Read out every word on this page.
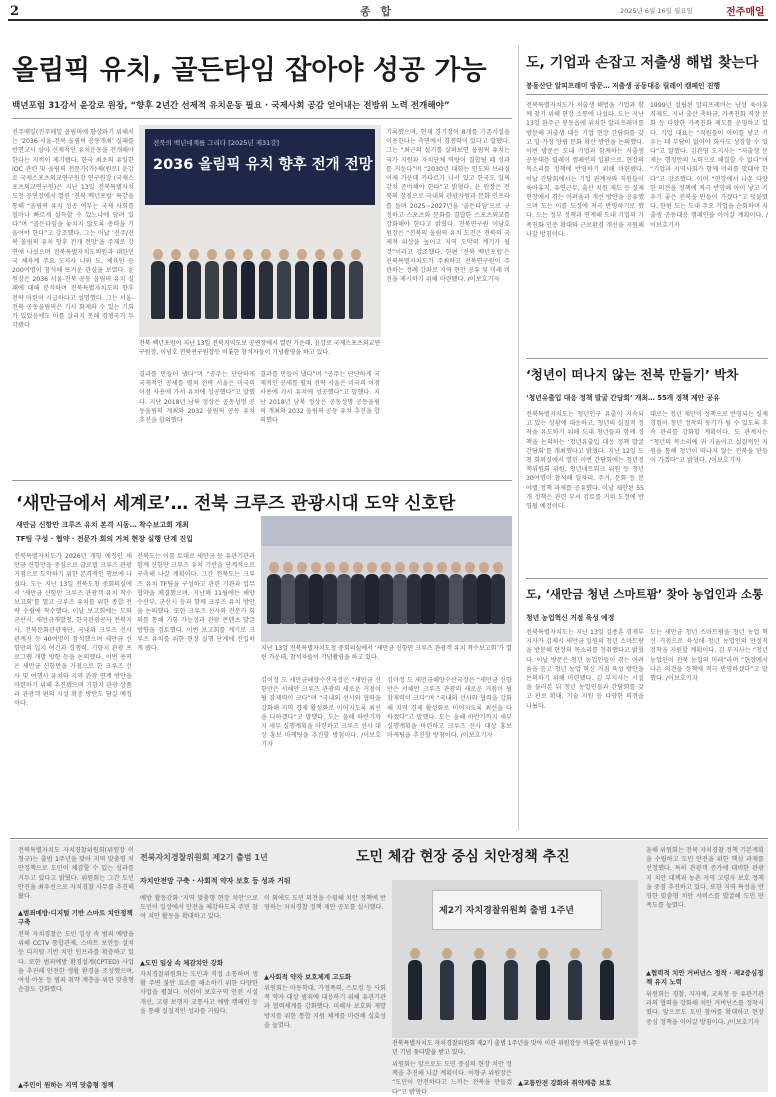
2	종 합	2025년 6월 16일 월요일	전주매일
올림픽 유치, 골든타임 잡아야 성공 가능
백년포럼 31강서 윤강로 원장, “향후 2년간 선제적 유치운동 필요 · 국제사회 공감 얻어내는 전방위 노력 전개해야”
전주매일(진주매일 올림픽에 향상하기 위해서는 ‘2036 서울-전북 올림픽 공동개최’ 실패를 반면교사 삼아 선제적인 유치운동을 전개해야 한다는 지적이 제기됐다. 한국 최초의 유일한 IOC 관련 및 올림픽 전문가(가)제(원로) 윤강로 국제스포츠외교연구원장 연구원장 (국제스포츠외교연구원)은 지난 13일 전북특별자치도청 공연장에서 열린 ‘전북 백년포럼’ 특강을 통해 “올림픽 유치 성공 여부는 국제 사회를 얼마나 빠르게 설득할 수 있느냐에 달려 있다”며 “골든타임을 놓치지 않도록 총력을 기울여야 한다”고 강조했다. 그는 이날 ‘전주/전북 올림픽 유치 향후 전개 전망’을 주제로 강연에 나섰으며 전북특별자치도의원과 대한민국 체육계 주요 도지사 나와 도, 체육인 등 200여명이 참석해 뜨거운 관심을 보였다. 윤 원장은 2036 서울-전북 공동 올림픽 유치 실패에 대해 분석하며 전북특별자치도의 향후 전략 마련이 시급하다고 설명했다. 그는 서울-전북 공동올림픽은 기사 화제와 수 있는 기회가 있었음에도 이를 살리지 못해 경쟁국가 두각됐다
전북의 백년대계를 그리다 [2025년 제31강]
2036 올림픽 유치 향후 전개 전망
전북 백년포럼이 지난 13일 전북지역도보 공연장에서 열린 가운데, 윤강로 국제스포츠외교연구원장, 이념호 전북연구원장등 비롯한 참석자들이 기념촬영을 하고 있다.
결과를 만들어 냈다”며 “공주는 단단하게 국제적인 공세를 펼쳐 전략 서울은 미국의 이점 사용에 가서 유치에 성공했다”고 말했다. 지난 2018년 남북 정상은 공동성명 공동올림픽 개최와 2032 올림픽 공동 유치 추진을 합의했다
결과를 만들어 냈다”며 “공주는 단단하게 국제적인 공세를 펼쳐 전략 서울은 미국의 이점 사용에 가서 유치에 성공했다”고 말했다. 지난 2018년 남북 정상은 공동성명 공동올림픽 개최와 2032 올림픽 공동 유치 추진을 합의했다
기록했으며, 현재 경기장이 8개를 기존시설을 이용한다는 측면에서 경쟁력이 있다고 말했다. 그는 “최근의 설기를 살펴보면 올림픽 유치는 국가 지원과 자치단체 역량이 결합될 때 성과를 거둔다”며 “2030년 대회는 인도와 브라질 이제 가운데 카타르가 나서 있고 한국도 일찌감치 준비해야 한다”고 밝혔다. 윤 원장은 전북의 장점으로 국내외 관광자원과 문화 인프라를 들며 2025~2027년을 ‘골든타임’으로 규정하고 스포츠와 문화를 결합한 스포츠외교를 강화해야 한다고 밝혔다. 전북연구원 이남호 원장은 “전북의 올림픽 유치 도전은 전북의 국제적 위상을 높이고 지역 도약의 계기가 될 것”이라고 강조했다. 한편 ‘전북 백년포럼’은 전북특별자치도가 주최하고 전북연구원이 주관하는 정례 강좌로 지역 현안 공유 및 미래 비전을 제시하기 위해 마련됐다. /이보호기자
도, 기업과 손잡고 저출생 해법 찾는다
봉동산단 알피프레미 방문… 저출생 공동대응 릴레이 캠페인 진행
전북특별자치도가 저출생 해법을 기업과 함께 찾기 위해 현장 소통에 나섰다. 도는 지난 13일 완주군 봉동읍에 위치한 알피프레미를 방문해 저출생 대응 기업 현장 간담회를 갖고 일·가정 양립 문화 확산 방안을 논의했다. 이번 방문은 도내 기업과 함께하는 저출생 공동대응 릴레이 캠페인의 일환으로, 현장의 목소리를 정책에 반영하기 위해 마련됐다. 이날 간담회에서는 기업 관계자와 직원들이 육아휴직, 유연근무, 출산 지원 제도 등 실제 현장에서 겪는 어려움과 개선 방안을 공유했으며 도는 이를 도정에 적극 반영하기로 했다. 도는 정부 정책과 연계해 도내 기업의 가족친화 인증 확대와 근로환경 개선을 지원해 나갈 방침이다.
1999년 설립된 알피프레미는 남성 육아휴직제도, 자녀 출산 축하금, 가족친화 직장 문화 등 다양한 가족친화 제도를 운영하고 있다. 기업 대표는 “직원들이 아이를 낳고 키우는 데 부담이 없어야 회사도 성장할 수 있다”고 말했다. 김관영 도지사는 “저출생 문제는 행정만의 노력으로 해결할 수 없다”며 “기업과 지역사회가 함께 머리를 맞대야 한다”고 강조했다. 이어 “현장에서 나온 다양한 의견을 정책에 적극 반영해 아이 낳고 키우기 좋은 전북을 만들어 가겠다”고 덧붙였다. 한편 도는 도내 주요 기업을 순회하며 저출생 공동대응 캠페인을 이어갈 계획이다. /이보호기자
‘청년이 떠나지 않는 전북 만들기’ 박차
‘청년유출입 대응 정책 발굴 간담회’ 개최… 55개 정책 제안 공유
전북특별자치도는 청년인구 유출이 지속되고 있는 상황에 대응하고, 청년의 실질적 정착을 유도하기 위해 도내 청년들과 함께 정책을 논의하는 ‘청년유출입 대응 정책 발굴 간담회’를 개최했다고 밝혔다. 지난 12일 도청 회의실에서 열린 이번 간담회에는 청년정책위원회 위원, 청년네트워크 위원 등 청년 30여명이 참석해 일자리, 주거, 문화 등 분야별 정책 과제를 공유했다. 이날 제안된 55개 정책은 관련 부서 검토를 거쳐 도정에 반영될 예정이다.
대로는 청년 제안이 정책으로 반영되는 실제 경험이 청년 정착의 동기가 될 수 있도록 후속 관리를 강화할 계획이다. 도 관계자는 “청년의 목소리에 귀 기울이고 실질적인 지원을 통해 청년이 떠나지 않는 전북을 만들어 가겠다”고 밝혔다. /이보호기자
‘새만금에서 세계로’… 전북 크루즈 관광시대 도약 신호탄
새만금 신항만 크루즈 유치 본격 시동… 착수보고회 개최
TF팀 구성 · 협약 · 전문가 회의 거쳐 현장 실행 단계 진입
전북특별자치도가 2026년 개항 예정인 새만금 신항만을 중심으로 글로벌 크루즈 관광 거점으로 도약하기 위한 본격적인 행보에 나섰다. 도는 지난 13일 전북도청 중회의실에서 ‘새만금 신항만 크루즈 관광객 유치 착수보고회’를 열고 크루즈 유치를 위한 종합 전략 수립에 착수했다. 이날 보고회에는 도와 군산시, 새만금개발청, 한국관광공사 전북지사, 전북문화관광재단, 국내외 크루즈 선사 관계자 등 40여명이 참석했으며 새만금 신항만의 입지 여건과 경쟁력, 기항지 관광 프로그램 개발 방향 등을 논의했다. 이번 용역은 새만금 신항만을 거점으로 한 크루즈 선사 및 여행사 유치와 지역 관광 연계 방안을 마련하기 위해 추진됐으며 기항지 관광 상품과 관광객 편의 시설 확충 방안도 담길 예정이다.
전북도는 이를 토대로 새만금 등 유관기관과 함께 신항만 크루즈 유치 기반을 단계적으로 구축해 나갈 계획이다. 그간 전북도는 크루즈 유치 TF팀을 구성하고 관련 기관과 업무협약을 체결했으며, 지난해 11월에는 해양수산부, 군산시 등과 함께 크루즈 유치 방안을 논의했다. 또한 크루즈 선사와 전문가 회의를 통해 기항 가능성과 관광 콘텐츠 발굴 방향을 검토했다. 이번 보고회를 계기로 크루즈 유치를 위한 현장 실행 단계에 진입하게 됐다.	지난 13일 전북특별자치도청 중회의실에서 ‘새만금 신항만 크루즈 관광객 유치 착수보고회’가 열린 가운데, 참석자들이 기념촬영을 하고 있다.
김이정 도 새만금해양수산국장은 “새만금 신항만은 서해안 크루즈 관광의 새로운 거점이 될 잠재력이 크다”며 “국내외 선사와 협력을 강화해 지역 경제 활성화로 이어지도록 최선을 다하겠다”고 말했다. 도는 올해 하반기까지 세부 실행계획을 마련하고 크루즈 선사 대상 홍보 마케팅을 추진할 방침이다. /이보호기자
김이정 도 새만금해양수산국장은 “새만금 신항만은 서해안 크루즈 관광의 새로운 거점이 될 잠재력이 크다”며 “국내외 선사와 협력을 강화해 지역 경제 활성화로 이어지도록 최선을 다하겠다”고 말했다. 도는 올해 하반기까지 세부 실행계획을 마련하고 크루즈 선사 대상 홍보 마케팅을 추진할 방침이다. /이보호기자
도, ‘새만금 청년 스마트팜’ 찾아 농업인과 소통
청년 농업혁신 거점 육성 예정
전북특별자치도는 지난 13일 김종훈 경제부지사가 김제시 새만금 일원의 청년 스마트팜을 방문해 현장의 목소리를 청취했다고 밝혔다. 이날 방문은 청년 농업인들이 겪는 어려움을 듣고 청년 농업 혁신 거점 육성 방안을 논의하기 위해 마련됐다. 김 부지사는 시설을 둘러본 뒤 청년 농업인들과 간담회를 갖고 판로 확대, 기술 지원 등 다양한 의견을 나눴다.
도는 새만금 청년 스마트팜을 청년 농업 혁신 거점으로 육성해 청년 농업인의 안정적 정착을 지원할 계획이다. 김 부지사는 “청년 농업인이 전북 농업의 미래”라며 “현장에서 나온 의견을 정책에 적극 반영하겠다”고 말했다. /이보호기자
전북특별자치도 자치경찰위원회(위원장 이형규)는 출범 1주년을 맞아 지역 맞춤형 치안정책으로 도민이 체감할 수 있는 성과를 거두고 있다고 밝혔다. 위원회는 그간 도민 안전을 최우선으로 자치경찰 사무를 추진해 왔다.
▲범죄예방·디지털 기반 스마트 치안정책 구축
전북 자치경찰은 도민 일상 속 범죄 예방을 위해 CCTV 통합관제, 스마트 보안등 설치 등 디지털 기반 치안 인프라를 확충하고 있다. 또한 범죄예방 환경설계(CPTED) 사업을 추진해 안전한 생활 환경을 조성했으며, 여성·아동 등 범죄 취약 계층을 위한 맞춤형 순찰도 강화했다.
▲주민이 원하는 지역 맞춤형 정책
전북자치경찰위원회 제2기 출범 1년	도민 체감 현장 중심 치안정책 추진
자치안전망 구축 · 사회적 약자 보호 등 성과 거둬
예방 활동강화 ‘지역 맞춤형 현장 치안’으로 도민이 일상에서 안전을 체감하도록 주민 참여 치안 활동을 확대하고 있다.
▲도민 일상 속 체감치안 강화
자치경찰위원회는 도민과 직접 소통하며 생활 주변 불안 요소를 해소하기 위한 다양한 사업을 펼쳤다. 어린이 보호구역 안전 시설 개선, 고령 보행자 교통사고 예방 캠페인 등을 통해 실질적인 성과를 거뒀다.
이 외에도 도민 의견을 수렴해 치안 정책에 반영하는 자치경찰 정책 제안 공모를 실시했다.
▲사회적 약자 보호체계 고도화
위원회는 아동학대, 가정폭력, 스토킹 등 사회적 약자 대상 범죄에 대응하기 위해 유관기관과 협력체계를 강화했다. 피해자 보호와 재발 방지를 위한 통합 지원 체계를 마련해 실효성을 높였다.
제2기 자치경찰위원회 출범 1주년
전북특별자치도 자치경찰위원회 제2기 출범 1주년을 맞아 이관 위원장등 비롯한 위원들이 1주년 기념 꽃다발을 받고 있다.
위원회는 앞으로도 도민 중심의 현장 치안 정책을 추진해 나갈 계획이다. 이형규 위원장은 “도민이 안전하다고 느끼는 전북을 만들겠다”고 밝혔다.
▲교통안전 강화와 취약계층 보호
올해 위원회는 전북 자치경찰 정책 기본계획을 수립하고 도민 안전을 위한 핵심 과제를 선정했다. 특히 관광객 증가에 대비한 관광지 치안 대책과 농촌 지역 고령자 보호 정책을 중점 추진하고 있다. 또한 지역 특성을 반영한 맞춤형 치안 서비스를 발굴해 도민 만족도를 높였다.
▲협력적 치안 거버넌스 정착 · 제2중심정책 유지 노력
위원회는 경찰, 지자체, 교육청 등 유관기관과의 협력을 강화해 치안 거버넌스를 정착시켰다. 앞으로도 도민 참여를 확대하고 현장 중심 정책을 이어갈 방침이다. /이보호기자
